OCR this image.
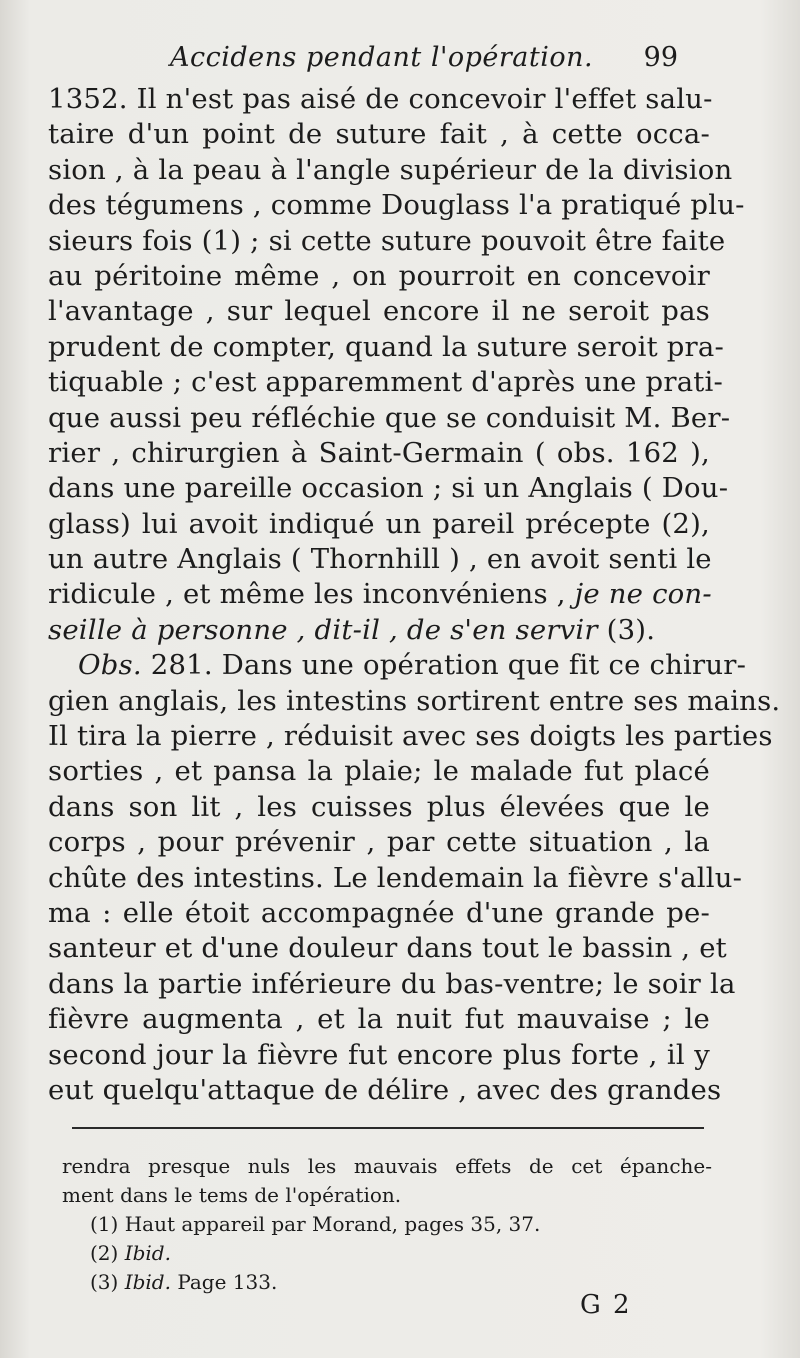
Accidens pendant l'opération. 99
1352. Il n'est pas aisé de concevoir l'effet salu-
taire d'un point de suture fait , à cette occa-
sion , à la peau à l'angle supérieur de la division
des tégumens , comme Douglass l'a pratiqué plu-
sieurs fois (1) ; si cette suture pouvoit être faite
au péritoine même , on pourroit en concevoir
l'avantage , sur lequel encore il ne seroit pas
prudent de compter, quand la suture seroit pra-
tiquable ; c'est apparemment d'après une prati-
que aussi peu réfléchie que se conduisit M. Ber-
rier , chirurgien à Saint-Germain ( obs. 162 ),
dans une pareille occasion ; si un Anglais ( Dou-
glass) lui avoit indiqué un pareil précepte (2),
un autre Anglais ( Thornhill ) , en avoit senti le
ridicule , et même les inconvéniens , je ne con-
seille à personne , dit-il , de s'en servir (3).
Obs. 281. Dans une opération que fit ce chirur-
gien anglais, les intestins sortirent entre ses mains.
Il tira la pierre , réduisit avec ses doigts les parties
sorties , et pansa la plaie; le malade fut placé
dans son lit , les cuisses plus élevées que le
corps , pour prévenir , par cette situation , la
chûte des intestins. Le lendemain la fièvre s'allu-
ma : elle étoit accompagnée d'une grande pe-
santeur et d'une douleur dans tout le bassin , et
dans la partie inférieure du bas-ventre; le soir la
fièvre augmenta , et la nuit fut mauvaise ; le
second jour la fièvre fut encore plus forte , il y
eut quelqu'attaque de délire , avec des grandes
rendra presque nuls les mauvais effets de cet épanche-
ment dans le tems de l'opération.
(1) Haut appareil par Morand, pages 35, 37.
(2) Ibid.
(3) Ibid. Page 133.
G 2
